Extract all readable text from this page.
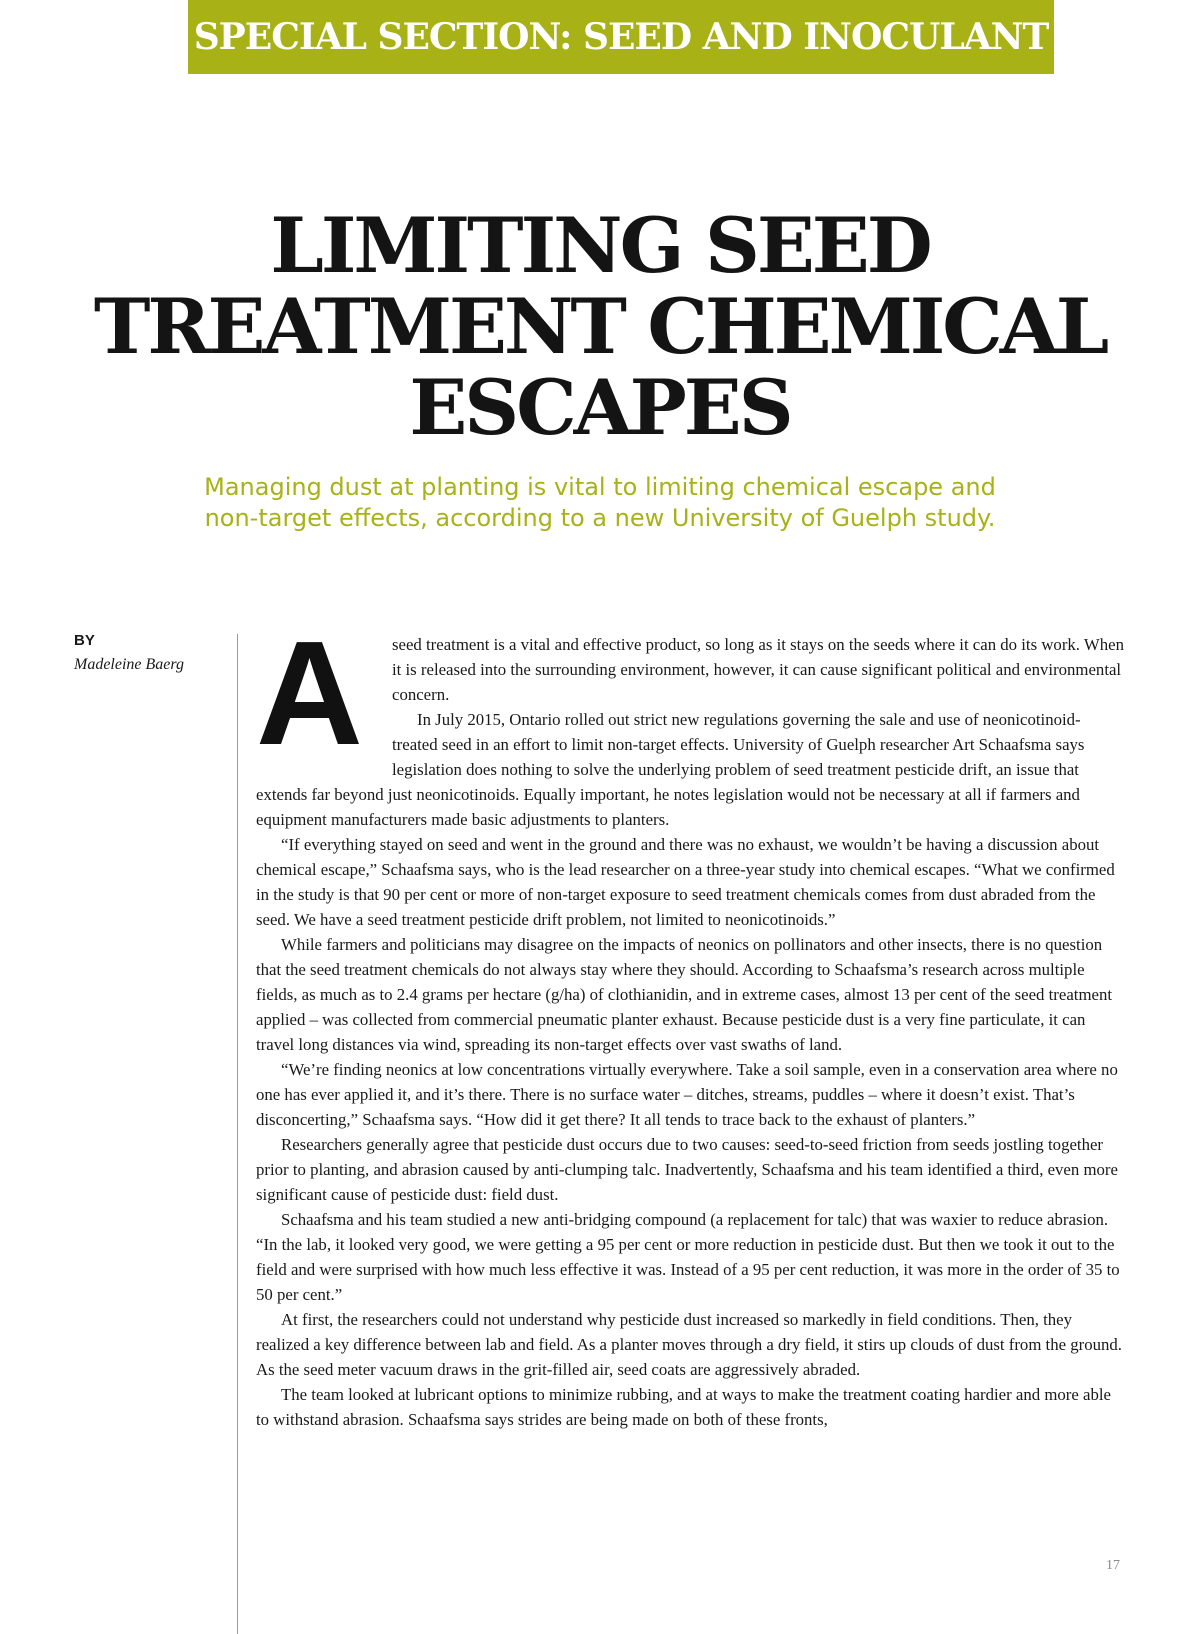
SPECIAL SECTION: SEED AND INOCULANT
LIMITING SEED
TREATMENT CHEMICAL
ESCAPES
Managing dust at planting is vital to limiting chemical escape and
non-target effects, according to a new University of Guelph study.
BY
Madeleine Baerg A	seed treatment is a vital and effective product, so long as it stays on the seeds where it can do its work. When it is released into the surrounding environment, however, it can cause significant political and environmental concern.

In July 2015, Ontario rolled out strict new regulations governing the sale and use of neonicotinoid-treated seed in an effort to limit non-target effects. University of Guelph researcher Art Schaafsma says legislation does nothing to solve the underlying problem of seed treatment pesticide drift, an issue that extends far beyond just neonicotinoids. Equally important, he notes legislation would not be necessary at all if farmers and equipment manufacturers made basic adjustments to planters.

“If everything stayed on seed and went in the ground and there was no exhaust, we wouldn’t be having a discussion about chemical escape,” Schaafsma says, who is the lead researcher on a three-year study into chemical escapes. “What we confirmed in the study is that 90 per cent or more of non-target exposure to seed treatment chemicals comes from dust abraded from the seed. We have a seed treatment pesticide drift problem, not limited to neonicotinoids.”

While farmers and politicians may disagree on the impacts of neonics on pollinators and other insects, there is no question that the seed treatment chemicals do not always stay where they should. According to Schaafsma’s research across multiple fields, as much as to 2.4 grams per hectare (g/ha) of clothianidin, and in extreme cases, almost 13 per cent of the seed treatment applied – was collected from commercial pneumatic planter exhaust. Because pesticide dust is a very fine particulate, it can travel long distances via wind, spreading its non-target effects over vast swaths of land.

“We’re finding neonics at low concentrations virtually everywhere. Take a soil sample, even in a conservation area where no one has ever applied it, and it’s there. There is no surface water – ditches, streams, puddles – where it doesn’t exist. That’s disconcerting,” Schaafsma says. “How did it get there? It all tends to trace back to the exhaust of planters.”

Researchers generally agree that pesticide dust occurs due to two causes: seed-to-seed friction from seeds jostling together prior to planting, and abrasion caused by anti-clumping talc. Inadvertently, Schaafsma and his team identified a third, even more significant cause of pesticide dust: field dust.

Schaafsma and his team studied a new anti-bridging compound (a replacement for talc) that was waxier to reduce abrasion. “In the lab, it looked very good, we were getting a 95 per cent or more reduction in pesticide dust. But then we took it out to the field and were surprised with how much less effective it was. Instead of a 95 per cent reduction, it was more in the order of 35 to 50 per cent.”

At first, the researchers could not understand why pesticide dust increased so markedly in field conditions. Then, they realized a key difference between lab and field. As a planter moves through a dry field, it stirs up clouds of dust from the ground. As the seed meter vacuum draws in the grit-filled air, seed coats are aggressively abraded.

The team looked at lubricant options to minimize rubbing, and at ways to make the treatment coating hardier and more able to withstand abrasion. Schaafsma says strides are being made on both of these fronts,

17
